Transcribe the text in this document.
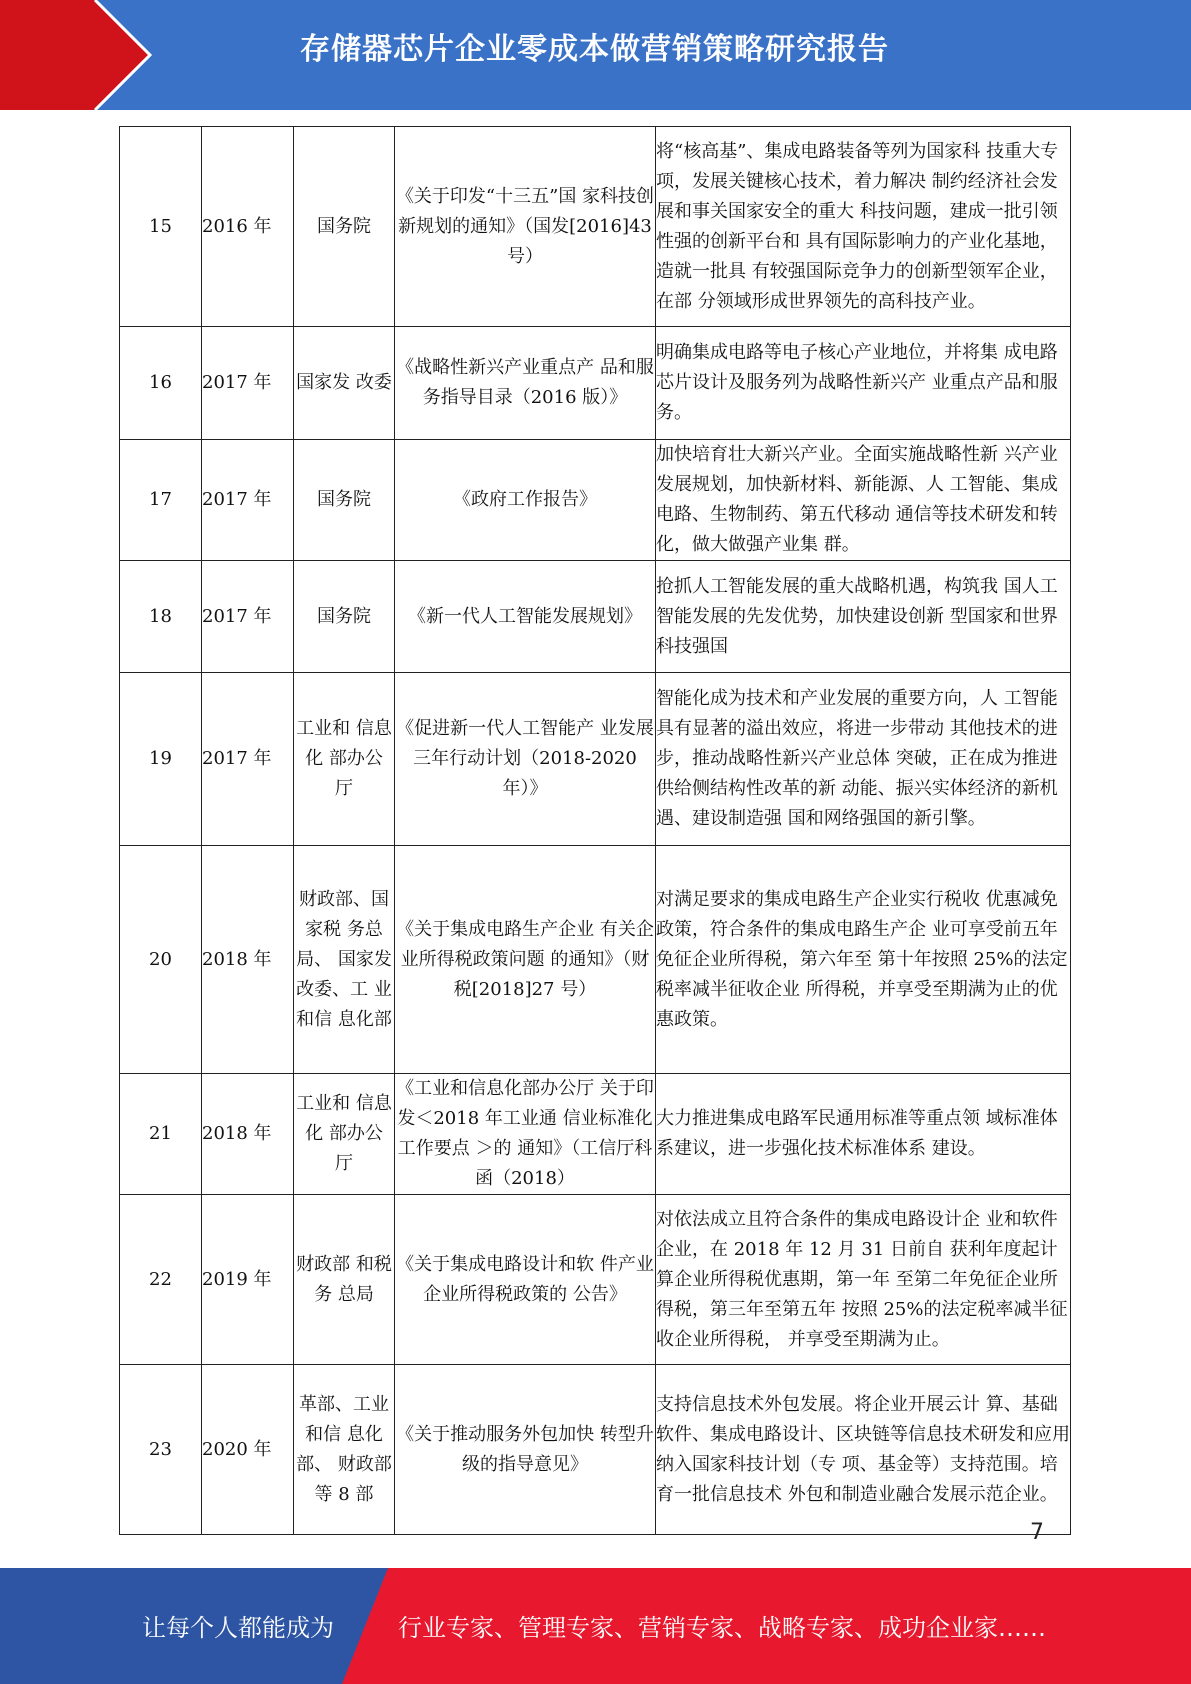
存储器芯片企业零成本做营销策略研究报告
15	2016 年	国务院	《关于印发“十三五”国 家科技创新规划的通知》（国发[2016]43 号）	将“核高基”、集成电路装备等列为国家科 技重大专项，发展关键核心技术，着力解决 制约经济社会发展和事关国家安全的重大 科技问题，建成一批引领性强的创新平台和 具有国际影响力的产业化基地，造就一批具 有较强国际竞争力的创新型领军企业，在部 分领域形成世界领先的高科技产业。
16	2017 年	国家发 改委	《战略性新兴产业重点产 品和服务指导目录（2016 版）》	明确集成电路等电子核心产业地位，并将集 成电路芯片设计及服务列为战略性新兴产 业重点产品和服务。
17	2017 年	国务院	《政府工作报告》	加快培育壮大新兴产业。全面实施战略性新 兴产业发展规划，加快新材料、新能源、人 工智能、集成电路、生物制药、第五代移动 通信等技术研发和转化，做大做强产业集 群。
18	2017 年	国务院	《新一代人工智能发展规划》	抢抓人工智能发展的重大战略机遇，构筑我 国人工智能发展的先发优势，加快建设创新 型国家和世界科技强国
19	2017 年	工业和 信息化 部办公 厅	《促进新一代人工智能产 业发展三年行动计划（2018-2020 年）》	智能化成为技术和产业发展的重要方向，人 工智能具有显著的溢出效应，将进一步带动 其他技术的进步，推动战略性新兴产业总体 突破，正在成为推进供给侧结构性改革的新 动能、振兴实体经济的新机遇、建设制造强 国和网络强国的新引擎。
20	2018 年	财政部、国家税 务总局、 国家发 改委、工 业和信 息化部	《关于集成电路生产企业 有关企业所得税政策问题 的通知》（财税[2018]27 号）	对满足要求的集成电路生产企业实行税收 优惠减免政策，符合条件的集成电路生产企 业可享受前五年免征企业所得税，第六年至 第十年按照 25%的法定税率减半征收企业 所得税，并享受至期满为止的优惠政策。
21	2018 年	工业和 信息化 部办公 厅	《工业和信息化部办公厅 关于印发＜2018 年工业通 信业标准化工作要点 ＞的 通知》（工信厅科函（2018）	大力推进集成电路军民通用标准等重点领 域标准体系建议，进一步强化技术标准体系 建设。
22	2019 年	财政部 和税务 总局	《关于集成电路设计和软 件产业企业所得税政策的 公告》	对依法成立且符合条件的集成电路设计企 业和软件企业，在 2018 年 12 月 31 日前自 获利年度起计算企业所得税优惠期，第一年 至第二年免征企业所得税，第三年至第五年 按照 25%的法定税率减半征收企业所得税， 并享受至期满为止。
23	2020 年	革部、工业和信 息化部、 财政部 等 8 部	《关于推动服务外包加快 转型升级的指导意见》	支持信息技术外包发展。将企业开展云计 算、基础软件、集成电路设计、区块链等信息技术研发和应用纳入国家科技计划（专 项、基金等）支持范围。培育一批信息技术 外包和制造业融合发展示范企业。
7
让每个人都能成为	行业专家、管理专家、营销专家、战略专家、成功企业家……
